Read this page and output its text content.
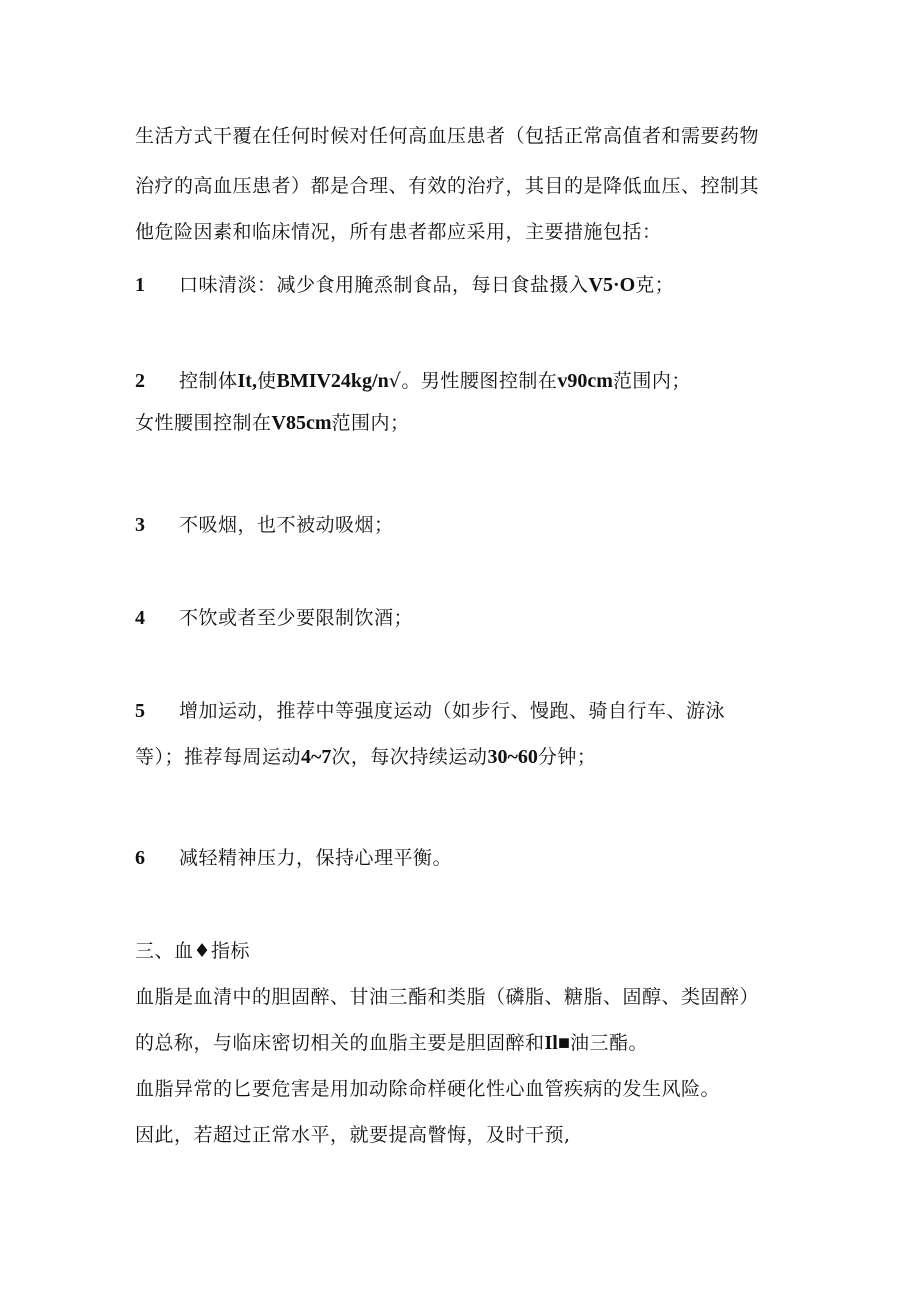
生活方式干覆在任何时候对任何高血压患者（包括正常高值者和需要药物
治疗的高血压患者）都是合理、有效的治疗，其目的是降低血压、控制其
他危险因素和临床情况，所有患者都应采用，主要措施包括：
1 口味清淡：减少食用腌烝制食品，每日食盐摄入V5·O克；
2 控制体It,使BMIV24kg/n√。男性腰图控制在v90cm范围内；
女性腰围控制在V85cm范围内；
3 不吸烟，也不被动吸烟；
4 不饮或者至少要限制饮酒；
5 增加运动，推荐中等强度运动（如步行、慢跑、骑自行车、游泳
等）；推荐每周运动4~7次，每次持续运动30~60分钟；
6 减轻精神压力，保持心理平衡。
三、血♦指标
血脂是血清中的胆固醉、甘油三酯和类脂（磷脂、糖脂、固醇、类固醉）
的总称，与临床密切相关的血脂主要是胆固醉和Il■油三酯。
血脂异常的匕要危害是用加动除命样硬化性心血管疾病的发生风险。
因此，若超过正常水平，就要提高瞥悔，及时干预,
